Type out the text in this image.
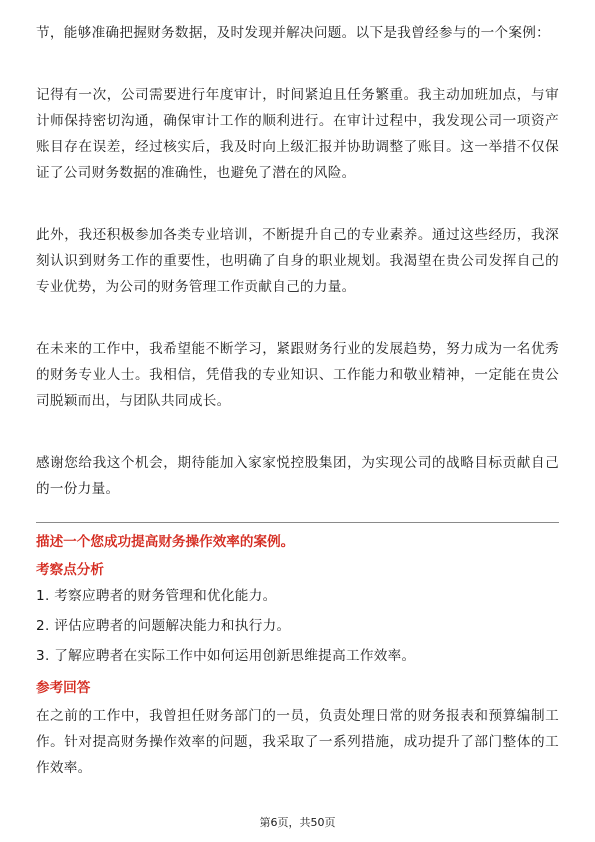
节，能够准确把握财务数据，及时发现并解决问题。以下是我曾经参与的一个案例：

记得有一次，公司需要进行年度审计，时间紧迫且任务繁重。我主动加班加点，与审计师保持密切沟通，确保审计工作的顺利进行。在审计过程中，我发现公司一项资产账目存在误差，经过核实后，我及时向上级汇报并协助调整了账目。这一举措不仅保证了公司财务数据的准确性，也避免了潜在的风险。

此外，我还积极参加各类专业培训，不断提升自己的专业素养。通过这些经历，我深刻认识到财务工作的重要性，也明确了自身的职业规划。我渴望在贵公司发挥自己的专业优势，为公司的财务管理工作贡献自己的力量。

在未来的工作中，我希望能不断学习，紧跟财务行业的发展趋势，努力成为一名优秀的财务专业人士。我相信，凭借我的专业知识、工作能力和敬业精神，一定能在贵公司脱颖而出，与团队共同成长。

感谢您给我这个机会，期待能加入家家悦控股集团，为实现公司的战略目标贡献自己的一份力量。

描述一个您成功提高财务操作效率的案例。
考察点分析
1. 考察应聘者的财务管理和优化能力。
2. 评估应聘者的问题解决能力和执行力。
3. 了解应聘者在实际工作中如何运用创新思维提高工作效率。
参考回答

在之前的工作中，我曾担任财务部门的一员，负责处理日常的财务报表和预算编制工作。针对提高财务操作效率的问题，我采取了一系列措施，成功提升了部门整体的工作效率。

第6页，共50页
